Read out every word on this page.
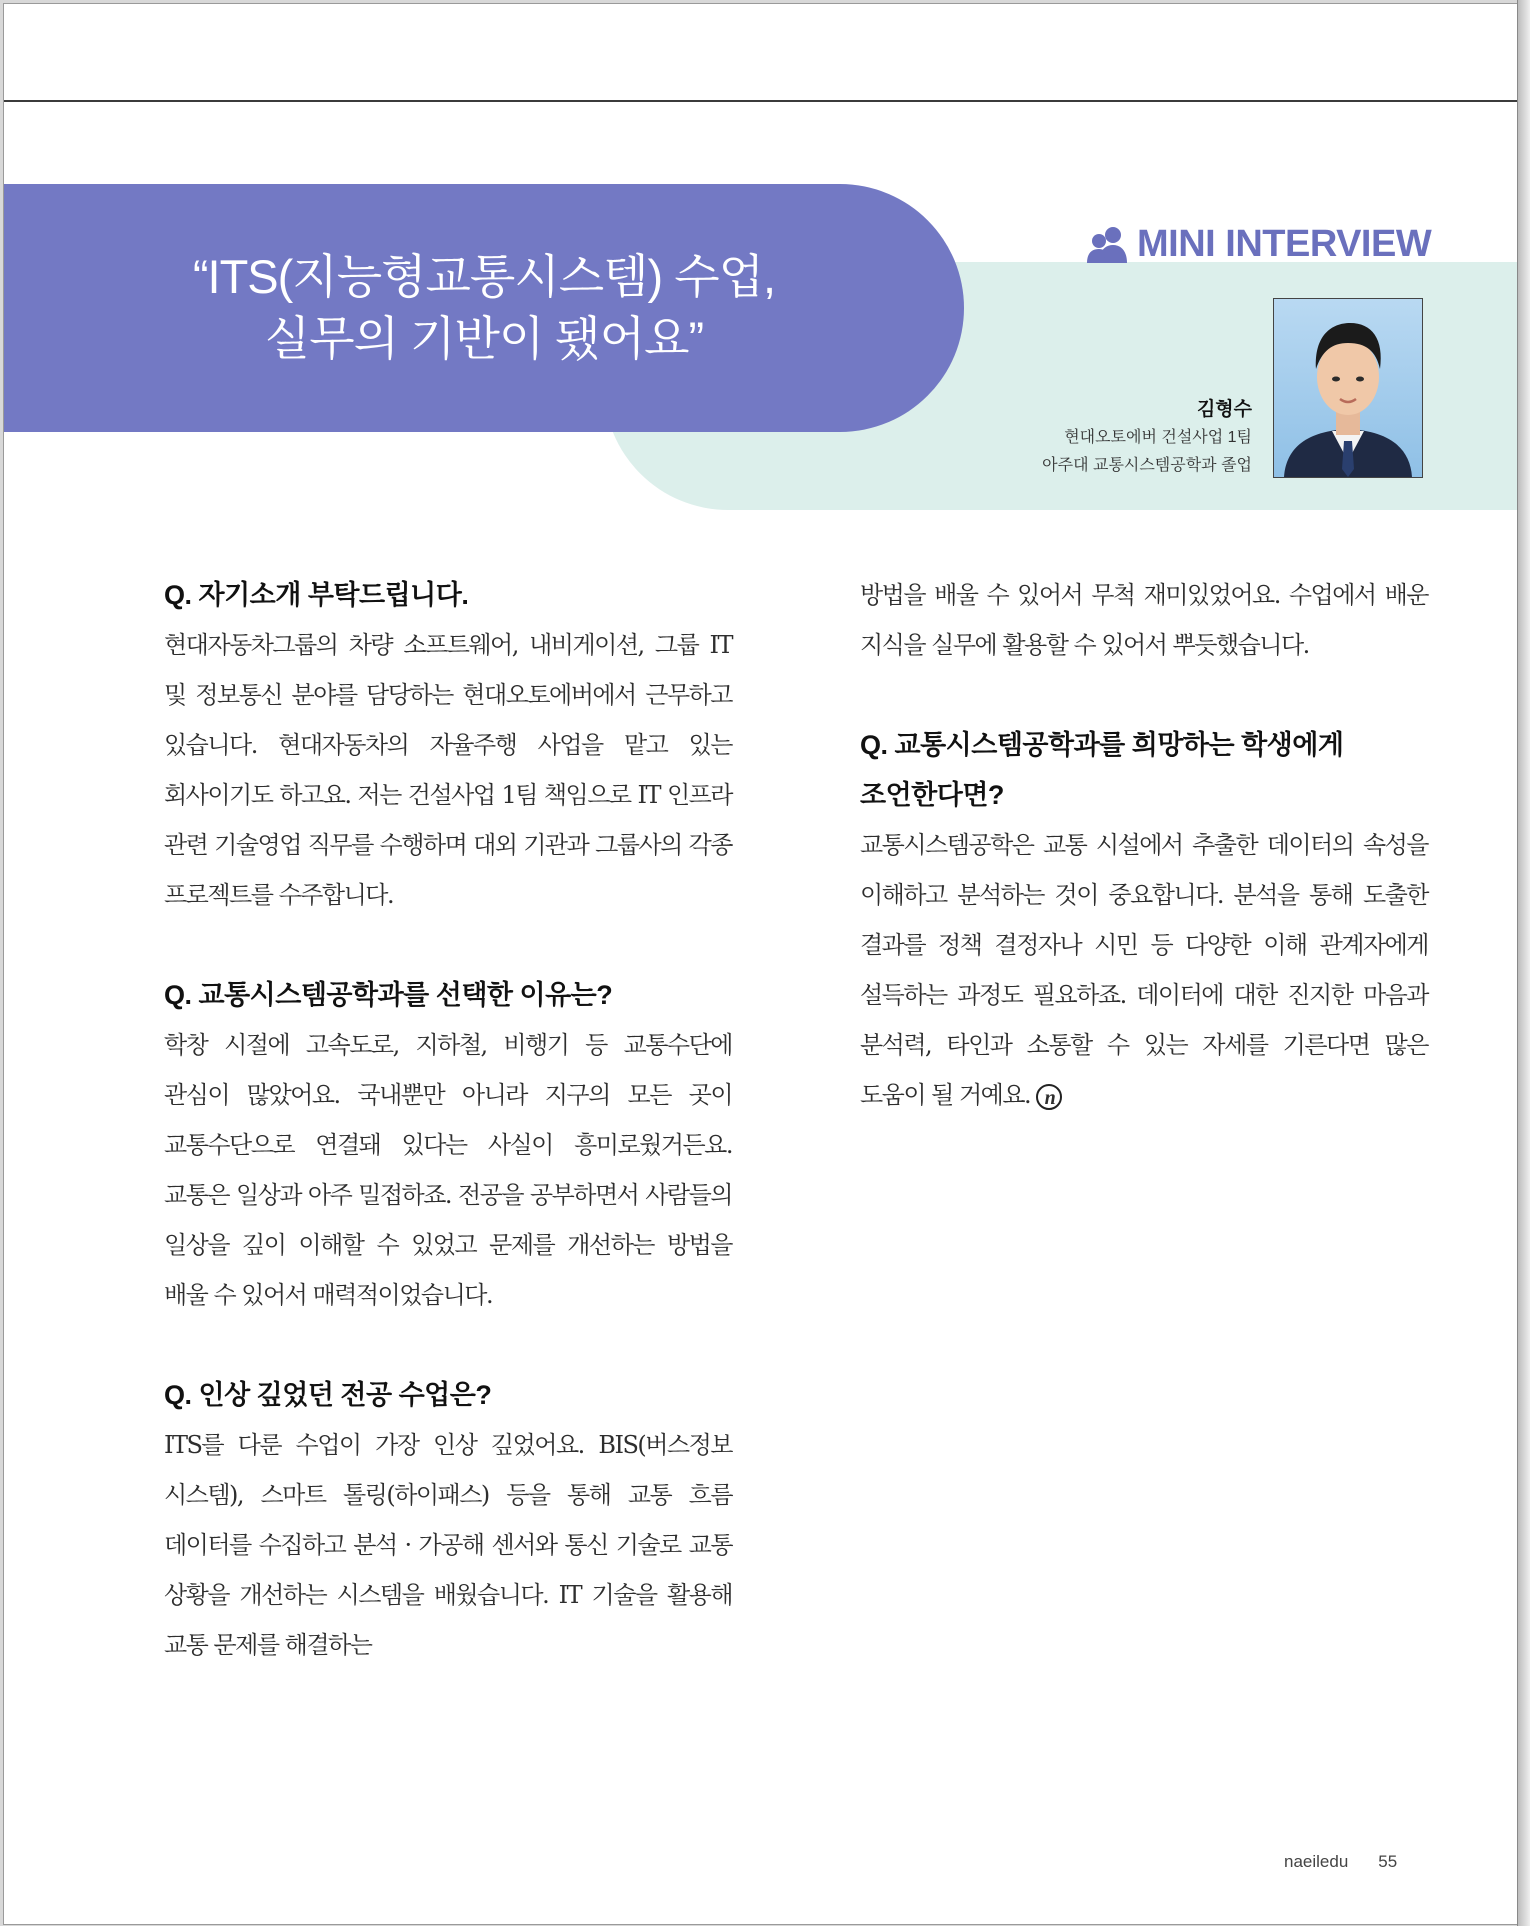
“ITS(지능형교통시스템) 수업,
실무의 기반이 됐어요”
MINI INTERVIEW
김형수
현대오토에버 건설사업 1팀
아주대 교통시스템공학과 졸업
Q. 자기소개 부탁드립니다.
현대자동차그룹의 차량 소프트웨어, 내비게이션, 그룹 IT 및 정보통신 분야를 담당하는 현대오토에버에서 근무하고 있습니다. 현대자동차의 자율주행 사업을 맡고 있는 회사이기도 하고요. 저는 건설사업 1팀 책임으로 IT 인프라 관련 기술영업 직무를 수행하며 대외 기관과 그룹사의 각종 프로젝트를 수주합니다.
Q. 교통시스템공학과를 선택한 이유는?
학창 시절에 고속도로, 지하철, 비행기 등 교통수단에 관심이 많았어요. 국내뿐만 아니라 지구의 모든 곳이 교통수단으로 연결돼 있다는 사실이 흥미로웠거든요. 교통은 일상과 아주 밀접하죠. 전공을 공부하면서 사람들의 일상을 깊이 이해할 수 있었고 문제를 개선하는 방법을 배울 수 있어서 매력적이었습니다.
Q. 인상 깊었던 전공 수업은?
ITS를 다룬 수업이 가장 인상 깊었어요. BIS(버스정보 시스템), 스마트 톨링(하이패스) 등을 통해 교통 흐름 데이터를 수집하고 분석 · 가공해 센서와 통신 기술로 교통 상황을 개선하는 시스템을 배웠습니다. IT 기술을 활용해 교통 문제를 해결하는
방법을 배울 수 있어서 무척 재미있었어요. 수업에서 배운 지식을 실무에 활용할 수 있어서 뿌듯했습니다.
Q. 교통시스템공학과를 희망하는 학생에게 조언한다면?
교통시스템공학은 교통 시설에서 추출한 데이터의 속성을 이해하고 분석하는 것이 중요합니다. 분석을 통해 도출한 결과를 정책 결정자나 시민 등 다양한 이해 관계자에게 설득하는 과정도 필요하죠. 데이터에 대한 진지한 마음과 분석력, 타인과 소통할 수 있는 자세를 기른다면 많은 도움이 될 거예요. n
naeiledu 55
